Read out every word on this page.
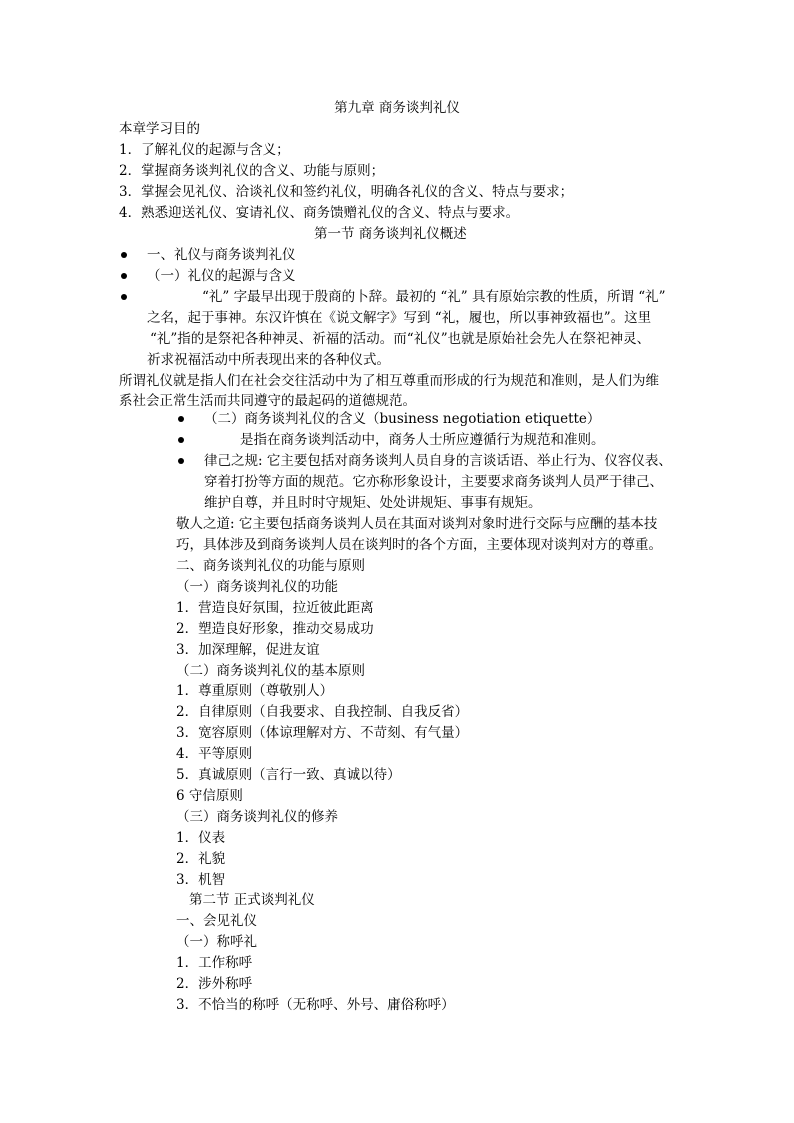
第九章 商务谈判礼仪
本章学习目的
1．了解礼仪的起源与含义；
2．掌握商务谈判礼仪的含义、功能与原则；
3．掌握会见礼仪、洽谈礼仪和签约礼仪，明确各礼仪的含义、特点与要求；
4．熟悉迎送礼仪、宴请礼仪、商务馈赠礼仪的含义、特点与要求。
第一节 商务谈判礼仪概述
一、礼仪与商务谈判礼仪
（一）礼仪的起源与含义
“礼” 字最早出现于殷商的卜辞。最初的 “礼” 具有原始宗教的性质，所谓 “礼”
之名，起于事神。东汉许慎在《说文解字》写到 “礼，履也，所以事神致福也”。这里
“礼”指的是祭祀各种神灵、祈福的活动。而“礼仪”也就是原始社会先人在祭祀神灵、
祈求祝福活动中所表现出来的各种仪式。
所谓礼仪就是指人们在社会交往活动中为了相互尊重而形成的行为规范和准则，是人们为维
系社会正常生活而共同遵守的最起码的道德规范。
（二）商务谈判礼仪的含义（business negotiation etiquette）
是指在商务谈判活动中，商务人士所应遵循行为规范和准则。
律己之规: 它主要包括对商务谈判人员自身的言谈话语、举止行为、仪容仪表、
穿着打扮等方面的规范。它亦称形象设计，主要要求商务谈判人员严于律己、
维护自尊，并且时时守规矩、处处讲规矩、事事有规矩。
敬人之道: 它主要包括商务谈判人员在其面对谈判对象时进行交际与应酬的基本技
巧，具体涉及到商务谈判人员在谈判时的各个方面，主要体现对谈判对方的尊重。
二、商务谈判礼仪的功能与原则
（一）商务谈判礼仪的功能
1．营造良好氛围，拉近彼此距离
2．塑造良好形象，推动交易成功
3．加深理解，促进友谊
（二）商务谈判礼仪的基本原则
1．尊重原则（尊敬别人）
2．自律原则（自我要求、自我控制、自我反省）
3．宽容原则（体谅理解对方、不苛刻、有气量）
4．平等原则
5．真诚原则（言行一致、真诚以待）
6 守信原则
（三）商务谈判礼仪的修养
1．仪表
2．礼貌
3．机智
第二节 正式谈判礼仪
一、会见礼仪
（一）称呼礼
1．工作称呼
2．涉外称呼
3．不恰当的称呼（无称呼、外号、庸俗称呼）
